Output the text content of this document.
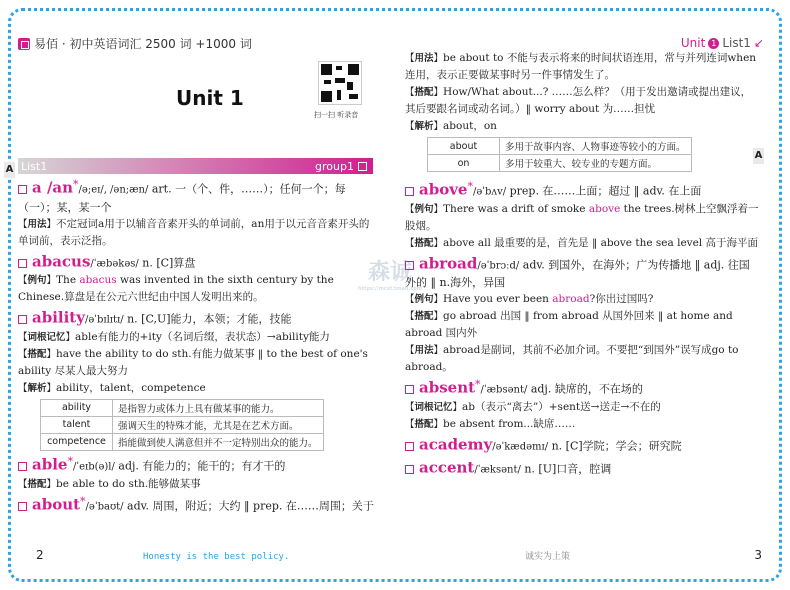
易佰 · 初中英语词汇 2500 词 +1000 词
Unit 1
扫一扫 听录音
A List1	group1
a /an*/ə;eɪ/, /ən;æn/ art. 一（个、件，……）；任何一个；每（一）；某，某一个
【 用法 】 不定冠词a用于以辅音音素开头的单词前，an用于以元音音素开头的单词前，表示泛指。
abacus/ˈæbəkəs/ n. [C]算盘
【 例句 】 The abacus was invented in the sixth century by the Chinese.算盘是在公元六世纪由中国人发明出来的。
ability/əˈbɪlɪtɪ/ n. [C,U]能力，本领；才能，技能
【 词根记忆 】 able有能力的+ity（名词后缀，表状态）→ability能力
【 搭配 】 have the ability to do sth.有能力做某事 ‖ to the best of one's ability 尽某人最大努力
【 解析 】 ability，talent，competence
ability	是指智力或体力上具有做某事的能力。
talent	强调天生的特殊才能，尤其是在艺术方面。
competence	指能做到使人满意但并不一定特别出众的能力。
able*/ˈeɪb(ə)l/ adj. 有能力的；能干的；有才干的
【 搭配 】 be able to do sth.能够做某事
about*/əˈbaʊt/ adv. 周围，附近；大约 ‖ prep. 在……周围；关于
2	Honesty is the best policy.
森诚
https://mcst.tmall.com
Unit 1 List1 ↙
A
【 用法 】 be about to 不能与表示将来的时间状语连用，常与并列连词when连用，表示正要做某事时另一件事情发生了。
【 搭配 】 How/What about...? ……怎么样？（用于发出邀请或提出建议，其后要跟名词或动名词。）‖ worry about 为……担忧
【 解析 】 about，on
about	多用于故事内容、人物事迹等较小的方面。
on	多用于较重大、较专业的专题方面。
above*/əˈbʌv/ prep. 在……上面；超过 ‖ adv. 在上面
【 例句 】 There was a drift of smoke above the trees.树林上空飘浮着一股烟。
【 搭配 】 above all 最重要的是，首先是 ‖ above the sea level 高于海平面
abroad/əˈbrɔːd/ adv. 到国外，在海外；广为传播地 ‖ adj. 往国外的 ‖ n.海外，异国
【 例句 】 Have you ever been abroad?你出过国吗?
【 搭配 】 go abroad 出国 ‖ from abroad 从国外回来 ‖ at home and abroad 国内外
【 用法 】 abroad是副词，其前不必加介词。不要把“到国外”误写成go to abroad。
absent*/ˈæbsənt/ adj. 缺席的，不在场的
【 词根记忆 】 ab（表示“离去”）+sent送→送走→不在的
【 搭配 】 be absent from...缺席……
academy/əˈkædəmɪ/ n. [C]学院；学会；研究院
accent/ˈæksənt/ n. [U]口音，腔调
诚实为上策	3
